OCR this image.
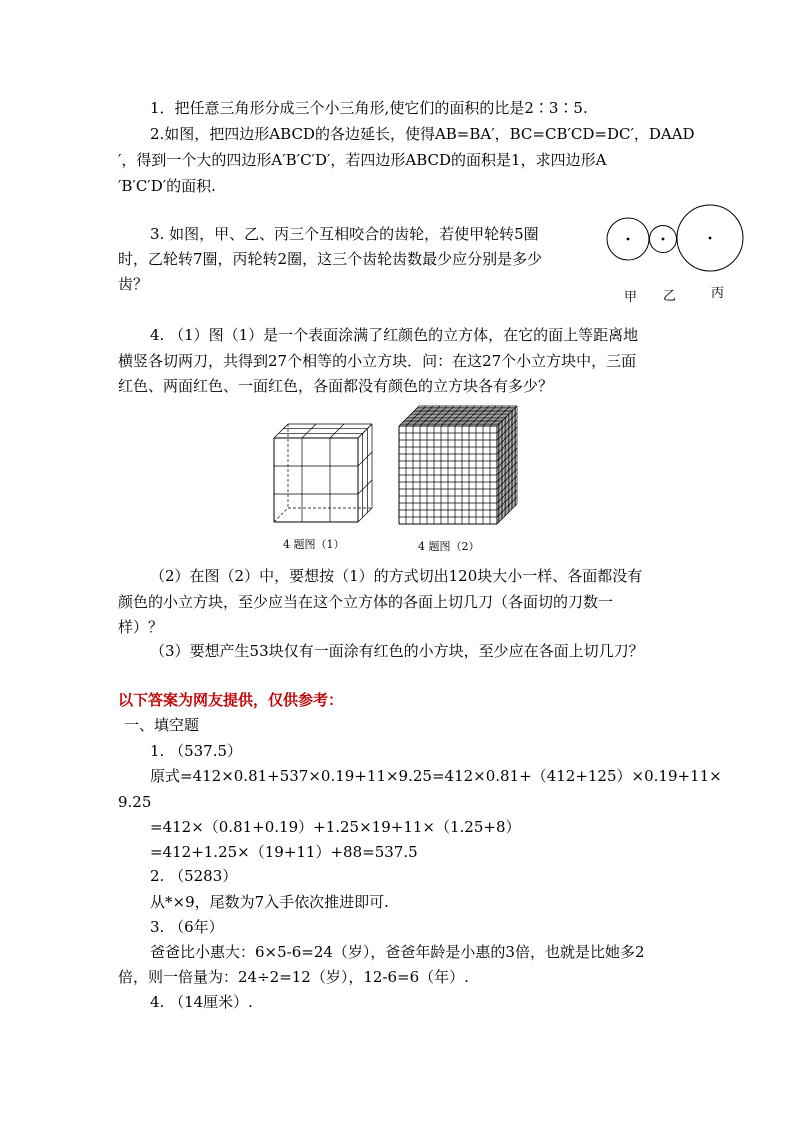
1．把任意三角形分成三个小三角形,使它们的面积的比是2∶3∶5.
2.如图，把四边形ABCD的各边延长，使得AB=BA′，BC=CB′CD=DC′，DAAD
′，得到一个大的四边形A′B′C′D′，若四边形ABCD的面积是1，求四边形A
′B′C′D′的面积.
3. 如图，甲、乙、丙三个互相咬合的齿轮，若使甲轮转5圈
时，乙轮转7圈，丙轮转2圈，这三个齿轮齿数最少应分别是多少
齿？
甲 乙	丙
4. （1）图（1）是一个表面涂满了红颜色的立方体，在它的面上等距离地
横竖各切两刀，共得到27个相等的小立方块．问：在这27个小立方块中，三面
红色、两面红色、一面红色，各面都没有颜色的立方块各有多少？
4 题图（1）	4 题图（2）
（2）在图（2）中，要想按（1）的方式切出120块大小一样、各面都没有
颜色的小立方块，至少应当在这个立方体的各面上切几刀（各面切的刀数一
样）？
（3）要想产生53块仅有一面涂有红色的小方块，至少应在各面上切几刀？
以下答案为网友提供，仅供参考：
一、填空题
1. （537.5）
原式=412×0.81+537×0.19+11×9.25=412×0.81+（412+125）×0.19+11×
9.25
=412×（0.81+0.19）+1.25×19+11×（1.25+8）
=412+1.25×（19+11）+88=537.5
2. （5283）
从*×9，尾数为7入手依次推进即可.
3. （6年）
爸爸比小惠大：6×5-6=24（岁），爸爸年龄是小惠的3倍，也就是比她多2
倍，则一倍量为：24÷2=12（岁），12-6=6（年）.
4. （14厘米）.
